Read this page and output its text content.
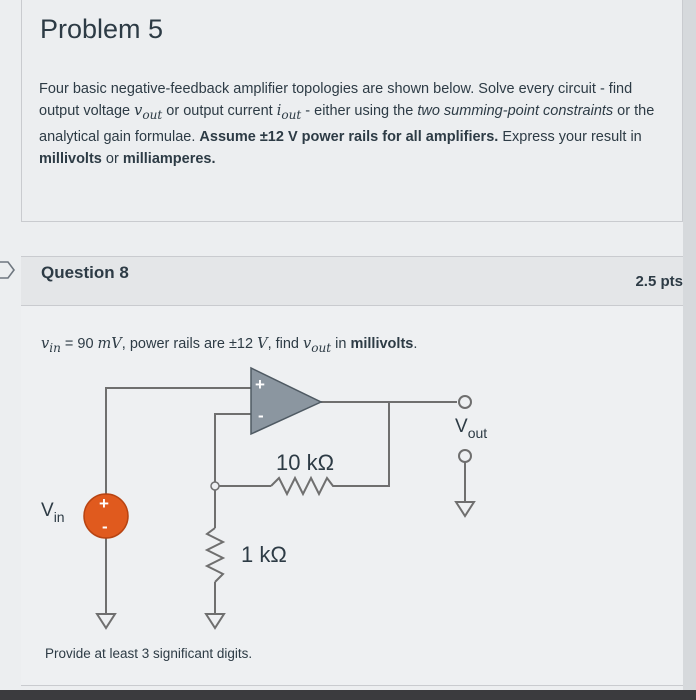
Problem 5
Four basic negative-feedback amplifier topologies are shown below. Solve every circuit - find
output voltage $v_{out}$ or output current $i_{out}$ - either using the two summing-point constraints or the
analytical gain formulae. Assume ±12 V power rails for all amplifiers. Express your result in
millivolts or milliamperes.
Question 8	2.5 pts
$v_{in} = 90$ mV, power rails are ±12 V, find $v_{out}$ in millivolts.
+
-
10 kΩ
1 kΩ
+
-
$V_{in}$
$V_{out}$
Provide at least 3 significant digits.
